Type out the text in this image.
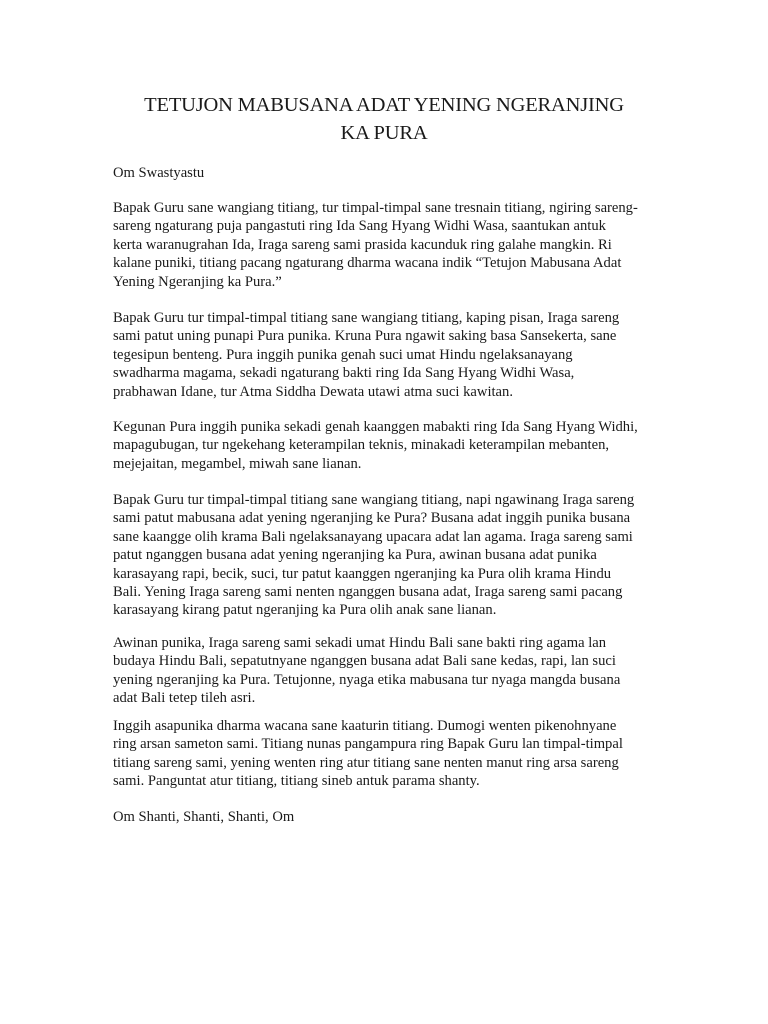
TETUJON MABUSANA ADAT YENING NGERANJING
KA PURA
Om Swastyastu
Bapak Guru sane wangiang titiang, tur timpal-timpal sane tresnain titiang, ngiring sareng-
sareng ngaturang puja pangastuti ring Ida Sang Hyang Widhi Wasa, saantukan antuk
kerta waranugrahan Ida, Iraga sareng sami prasida kacunduk ring galahe mangkin. Ri
kalane puniki, titiang pacang ngaturang dharma wacana indik “Tetujon Mabusana Adat
Yening Ngeranjing ka Pura.”
Bapak Guru tur timpal-timpal titiang sane wangiang titiang, kaping pisan, Iraga sareng
sami patut uning punapi Pura punika. Kruna Pura ngawit saking basa Sansekerta, sane
tegesipun benteng. Pura inggih punika genah suci umat Hindu ngelaksanayang
swadharma magama, sekadi ngaturang bakti ring Ida Sang Hyang Widhi Wasa,
prabhawan Idane, tur Atma Siddha Dewata utawi atma suci kawitan.
Kegunan Pura inggih punika sekadi genah kaanggen mabakti ring Ida Sang Hyang Widhi,
mapagubugan, tur ngekehang keterampilan teknis, minakadi keterampilan mebanten,
mejejaitan, megambel, miwah sane lianan.
Bapak Guru tur timpal-timpal titiang sane wangiang titiang, napi ngawinang Iraga sareng
sami patut mabusana adat yening ngeranjing ke Pura? Busana adat inggih punika busana
sane kaangge olih krama Bali ngelaksanayang upacara adat lan agama. Iraga sareng sami
patut nganggen busana adat yening ngeranjing ka Pura, awinan busana adat punika
karasayang rapi, becik, suci, tur patut kaanggen ngeranjing ka Pura olih krama Hindu
Bali. Yening Iraga sareng sami nenten nganggen busana adat, Iraga sareng sami pacang
karasayang kirang patut ngeranjing ka Pura olih anak sane lianan.
Awinan punika, Iraga sareng sami sekadi umat Hindu Bali sane bakti ring agama lan
budaya Hindu Bali, sepatutnyane nganggen busana adat Bali sane kedas, rapi, lan suci
yening ngeranjing ka Pura. Tetujonne, nyaga etika mabusana tur nyaga mangda busana
adat Bali tetep tileh asri.
Inggih asapunika dharma wacana sane kaaturin titiang. Dumogi wenten pikenohnyane
ring arsan sameton sami. Titiang nunas pangampura ring Bapak Guru lan timpal-timpal
titiang sareng sami, yening wenten ring atur titiang sane nenten manut ring arsa sareng
sami. Panguntat atur titiang, titiang sineb antuk parama shanty.
Om Shanti, Shanti, Shanti, Om
